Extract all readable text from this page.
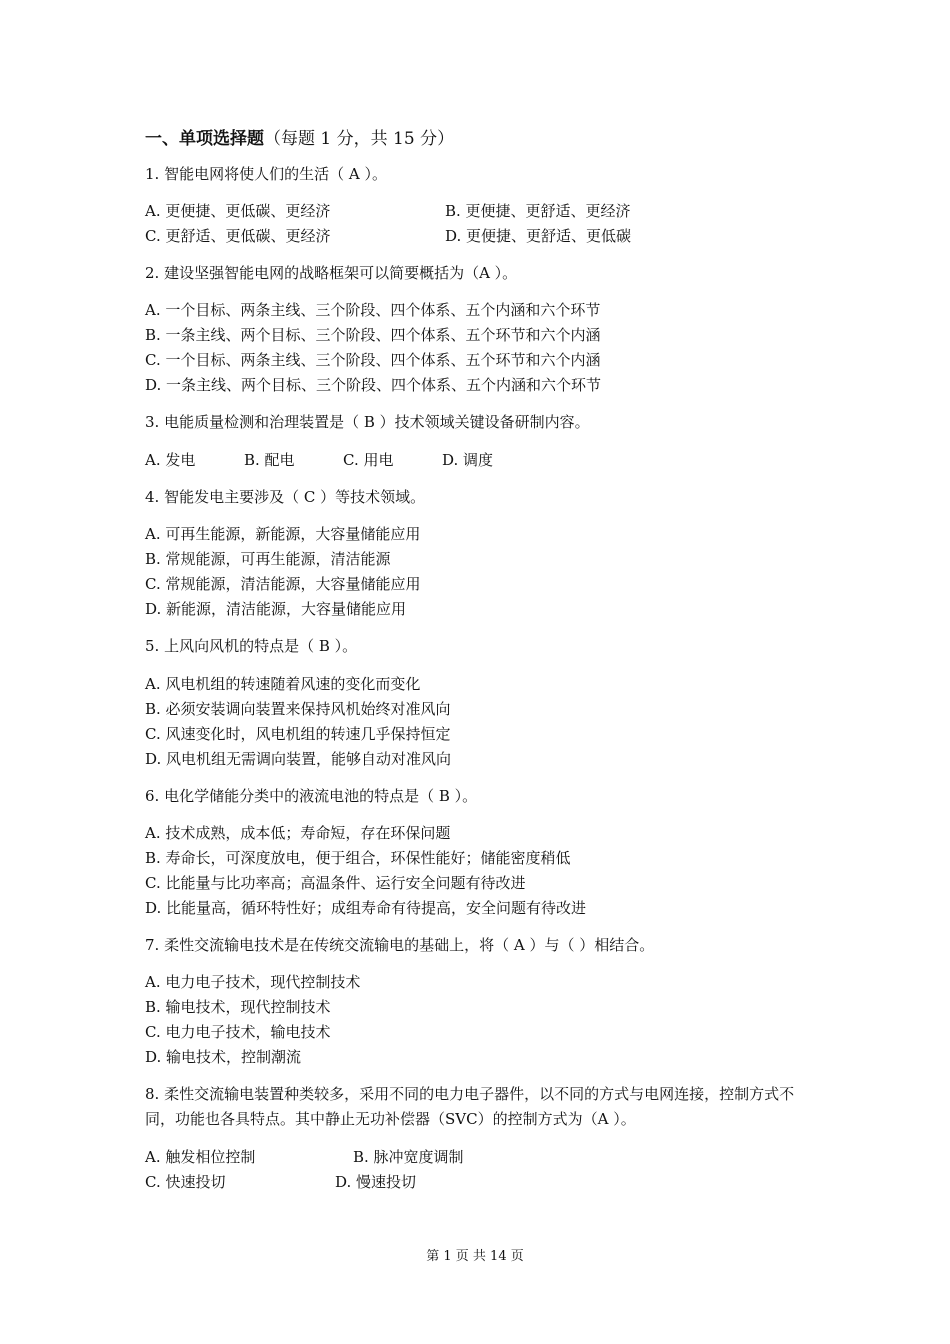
一、单项选择题（每题 1 分，共 15 分）
1. 智能电网将使人们的生活（ A ）。
A. 更便捷、更低碳、更经济	B. 更便捷、更舒适、更经济
C. 更舒适、更低碳、更经济	D. 更便捷、更舒适、更低碳
2. 建设坚强智能电网的战略框架可以简要概括为（A ）。
A. 一个目标、两条主线、三个阶段、四个体系、五个内涵和六个环节
B. 一条主线、两个目标、三个阶段、四个体系、五个环节和六个内涵
C. 一个目标、两条主线、三个阶段、四个体系、五个环节和六个内涵
D. 一条主线、两个目标、三个阶段、四个体系、五个内涵和六个环节
3. 电能质量检测和治理装置是（ B ）技术领域关键设备研制内容。
A. 发电	B. 配电	C. 用电	D. 调度
4. 智能发电主要涉及（ C ）等技术领域。
A. 可再生能源，新能源，大容量储能应用
B. 常规能源，可再生能源，清洁能源
C. 常规能源，清洁能源，大容量储能应用
D. 新能源，清洁能源，大容量储能应用
5. 上风向风机的特点是（ B ）。
A. 风电机组的转速随着风速的变化而变化
B. 必须安装调向装置来保持风机始终对准风向
C. 风速变化时，风电机组的转速几乎保持恒定
D. 风电机组无需调向装置，能够自动对准风向
6. 电化学储能分类中的液流电池的特点是（ B ）。
A. 技术成熟，成本低；寿命短，存在环保问题
B. 寿命长，可深度放电，便于组合，环保性能好；储能密度稍低
C. 比能量与比功率高；高温条件、运行安全问题有待改进
D. 比能量高，循环特性好；成组寿命有待提高，安全问题有待改进
7. 柔性交流输电技术是在传统交流输电的基础上，将（ A ）与（ ）相结合。
A. 电力电子技术，现代控制技术
B. 输电技术，现代控制技术
C. 电力电子技术，输电技术
D. 输电技术，控制潮流
8. 柔性交流输电装置种类较多，采用不同的电力电子器件，以不同的方式与电网连接，控制方式不同，功能也各具特点。其中静止无功补偿器（SVC）的控制方式为（A ）。
A. 触发相位控制	B. 脉冲宽度调制
C. 快速投切	D. 慢速投切
第 1 页 共 14 页
